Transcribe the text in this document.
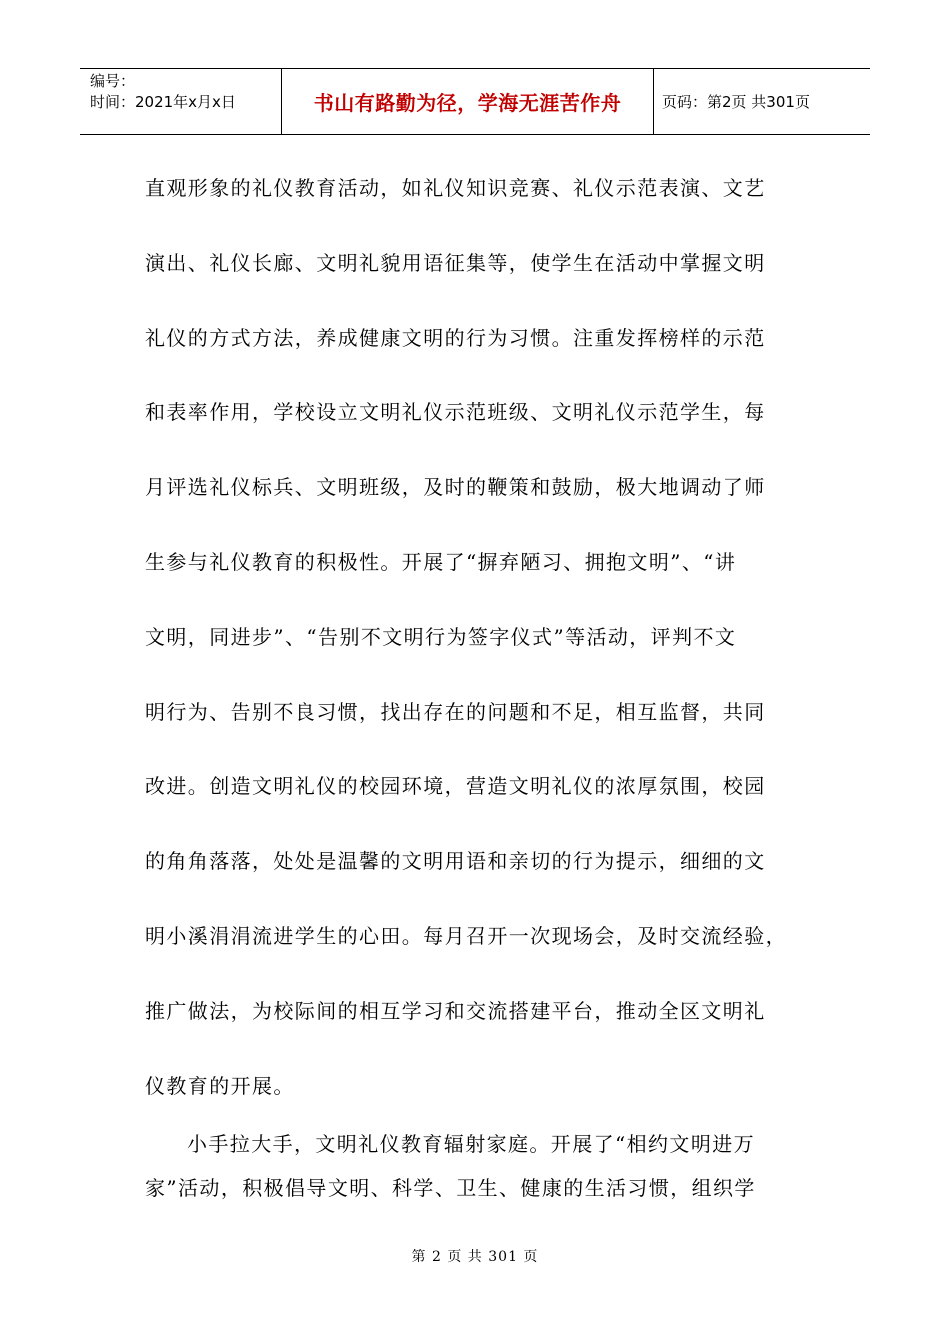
编号：
时间：2021年x月x日	书山有路勤为径，学海无涯苦作舟	页码：第2页 共301页
直观形象的礼仪教育活动，如礼仪知识竞赛、礼仪示范表演、文艺
演出、礼仪长廊、文明礼貌用语征集等，使学生在活动中掌握文明
礼仪的方式方法，养成健康文明的行为习惯。注重发挥榜样的示范
和表率作用，学校设立文明礼仪示范班级、文明礼仪示范学生，每
月评选礼仪标兵、文明班级，及时的鞭策和鼓励，极大地调动了师
生参与礼仪教育的积极性。开展了“摒弃陋习、拥抱文明”、“讲
文明，同进步”、“告别不文明行为签字仪式”等活动，评判不文
明行为、告别不良习惯，找出存在的问题和不足，相互监督，共同
改进。创造文明礼仪的校园环境，营造文明礼仪的浓厚氛围，校园
的角角落落，处处是温馨的文明用语和亲切的行为提示，细细的文
明小溪涓涓流进学生的心田。每月召开一次现场会，及时交流经验，
推广做法，为校际间的相互学习和交流搭建平台，推动全区文明礼
仪教育的开展。
小手拉大手，文明礼仪教育辐射家庭。开展了“相约文明进万
家”活动，积极倡导文明、科学、卫生、健康的生活习惯，组织学
第 2 页 共 301 页
